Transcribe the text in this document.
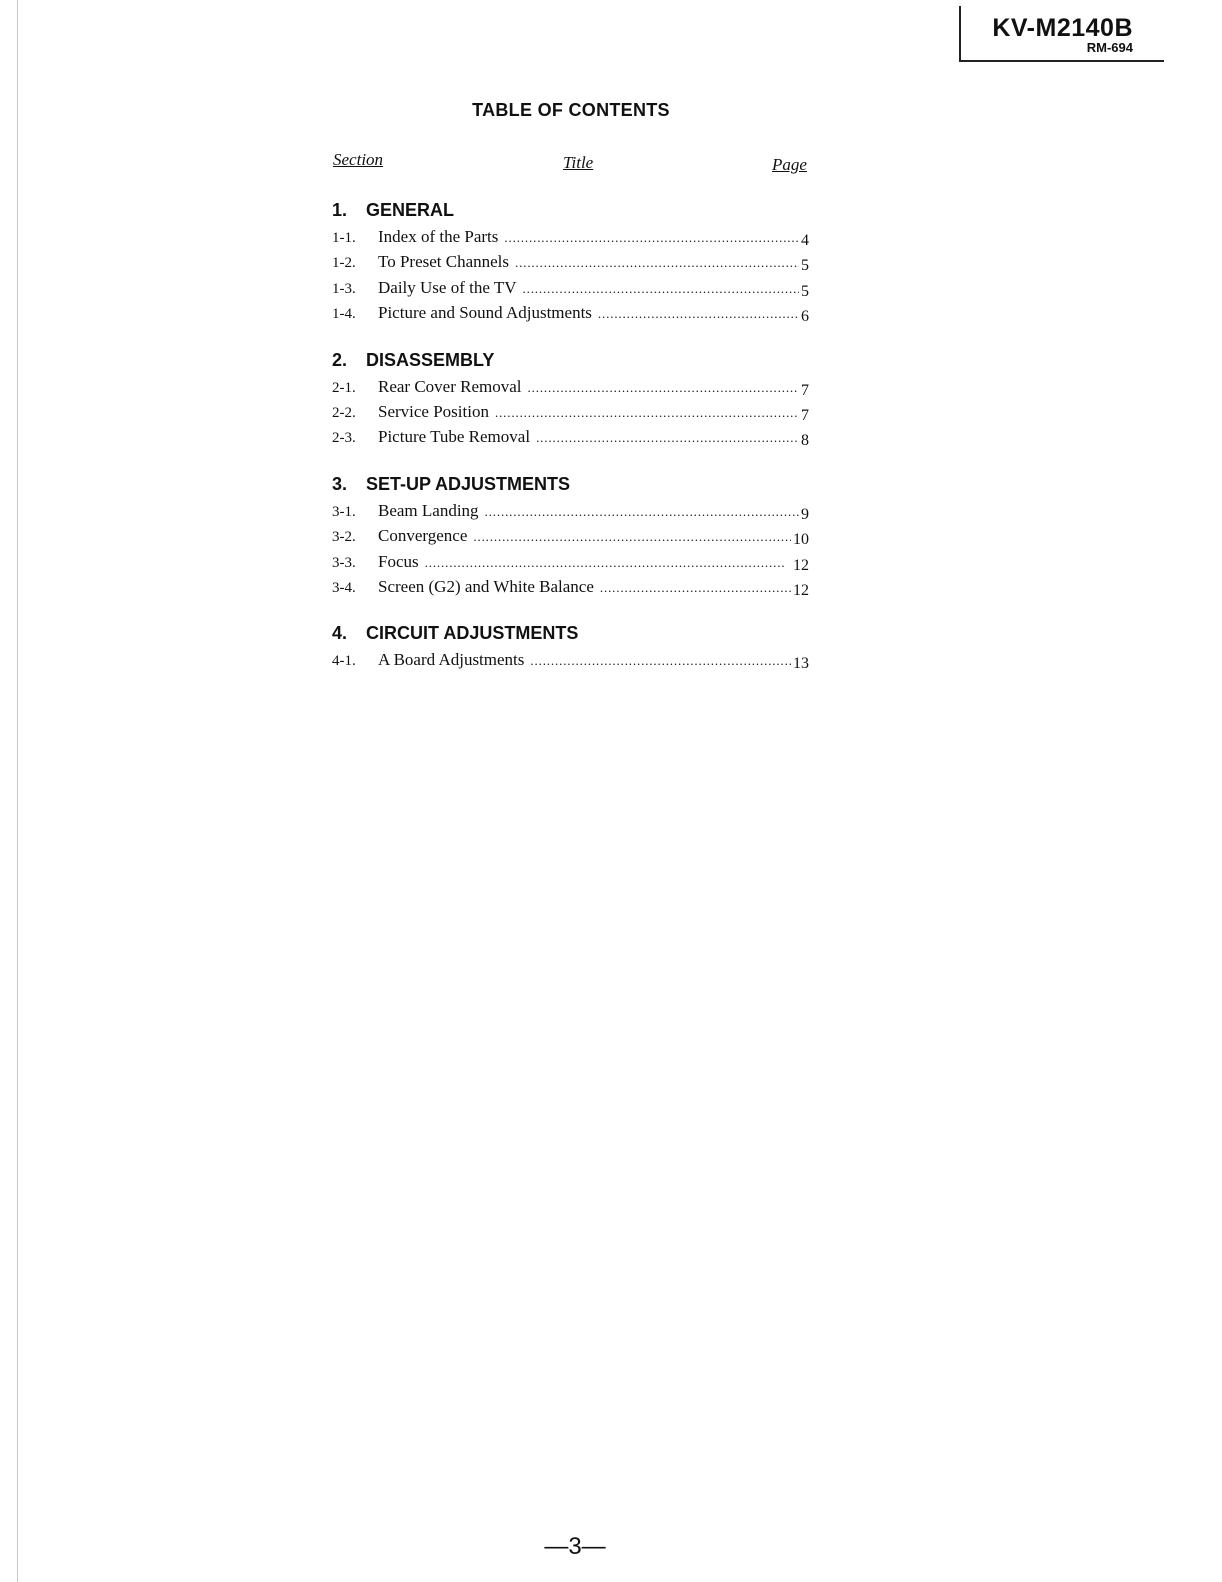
KV-M2140B
RM-694
TABLE OF CONTENTS
Section	Title	Page
1.	GENERAL
1-1.	Index of the Parts . . .	4
1-2.	To Preset Channels . . .	5
1-3.	Daily Use of the TV . . .	5
1-4.	Picture and Sound Adjustments . . .	6
2.	DISASSEMBLY
2-1.	Rear Cover Removal . . .	7
2-2.	Service Position . . .	7
2-3.	Picture Tube Removal . . .	8
3.	SET-UP ADJUSTMENTS
3-1.	Beam Landing . . .	9
3-2.	Convergence . . .	10
3-3.	Focus . . .	12
3-4.	Screen (G2) and White Balance . . .	12
4.	CIRCUIT ADJUSTMENTS
4-1.	A Board Adjustments . . .	13
—3—
